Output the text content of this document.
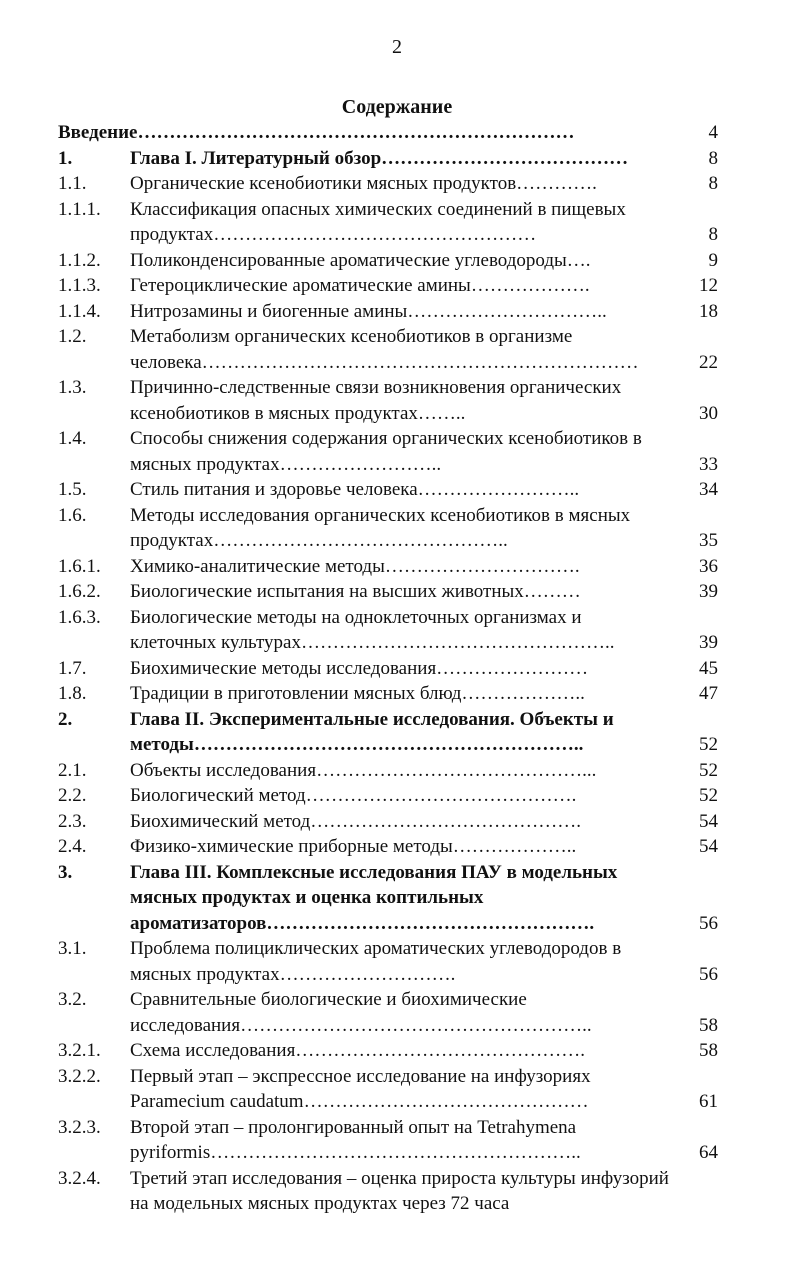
2
Содержание
Введение……………………………………………………………	4
1.	Глава I. Литературный обзор…………………………………	8
1.1. Органические ксенобиотики мясных продуктов………….	8
1.1.1. Классификация опасных химических соединений в пищевых продуктах……………………………………………	8
1.1.2. Поликонденсированные ароматические углеводороды….	9
1.1.3. Гетероциклические ароматические амины……………….	12
1.1.4. Нитрозамины и биогенные амины…………………………..	18
1.2. Метаболизм органических ксенобиотиков в организме человека……………………………………………………………	22
1.3. Причинно-следственные связи возникновения органических ксенобиотиков в мясных продуктах……..	30
1.4. Способы снижения содержания органических ксенобиотиков в мясных продуктах……………………..	33
1.5. Стиль питания и здоровье человека……………………..	34
1.6. Методы исследования органических ксенобиотиков в мясных продуктах………………………………………..	35
1.6.1. Химико-аналитические методы………………………….	36
1.6.2. Биологические испытания на высших животных………	39
1.6.3. Биологические методы на одноклеточных организмах и клеточных культурах…………………………………………..	39
1.7. Биохимические методы исследования……………………	45
1.8. Традиции в приготовлении мясных блюд………………..	47
2.	Глава II. Экспериментальные исследования. Объекты и методы……………………………………………………..	52
2.1. Объекты исследования……………………………………...	52
2.2. Биологический метод…………………………………….	52
2.3. Биохимический метод…………………………………….	54
2.4. Физико-химические приборные методы………………..	54
3.	Глава III. Комплексные исследования ПАУ в модельных мясных продуктах и оценка коптильных ароматизаторов…………………………………………….	56
3.1. Проблема полициклических ароматических углеводородов в мясных продуктах……………………….	56
3.2. Сравнительные биологические и биохимические исследования………………………………………………..	58
3.2.1. Схема исследования……………………………………….	58
3.2.2. Первый этап – экспрессное исследование на инфузориях Paramecium caudatum………………………………………	61
3.2.3. Второй этап – пролонгированный опыт на Tetrahymena pyriformis…………………………………………………..	64
3.2.4. Третий этап исследования – оценка прироста культуры инфузорий на модельных мясных продуктах через 72 часа
